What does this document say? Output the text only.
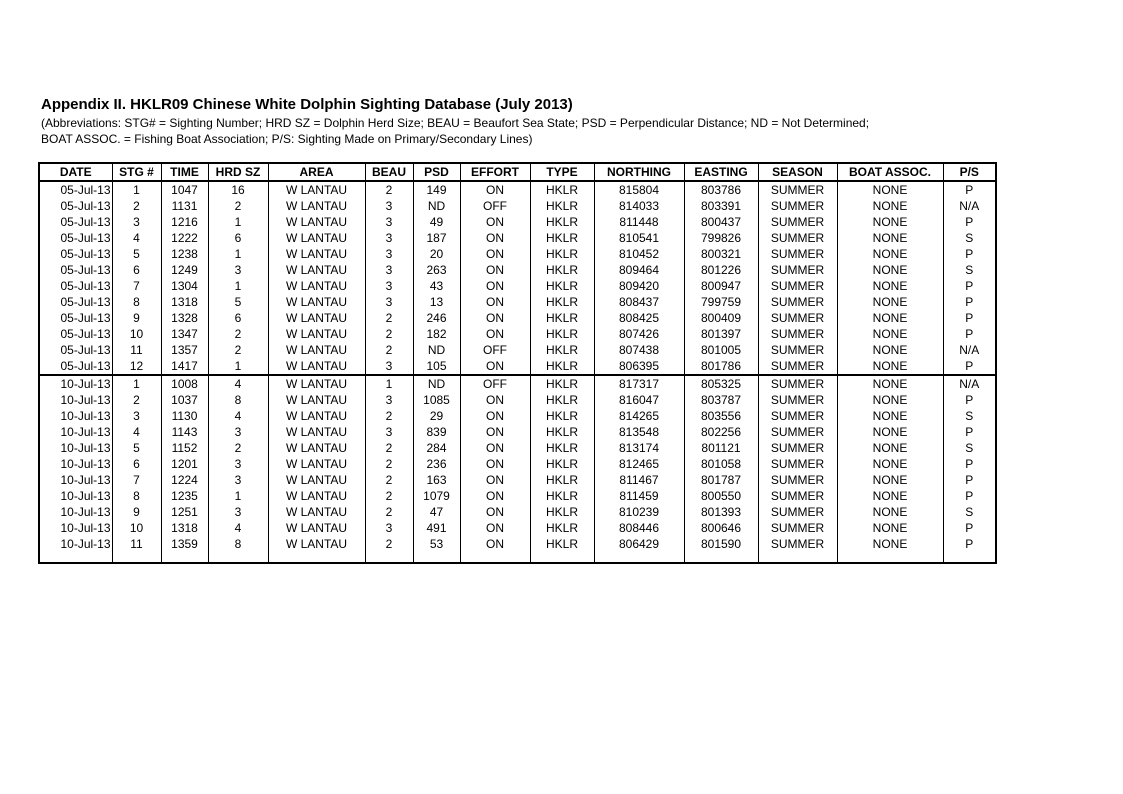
Appendix II. HKLR09 Chinese White Dolphin Sighting Database (July 2013)
(Abbreviations: STG# = Sighting Number; HRD SZ = Dolphin Herd Size; BEAU = Beaufort Sea State; PSD = Perpendicular Distance; ND = Not Determined;
BOAT ASSOC. = Fishing Boat Association; P/S: Sighting Made on Primary/Secondary Lines)
DATE	STG #	TIME	HRD SZ	AREA	BEAU	PSD	EFFORT	TYPE	NORTHING	EASTING	SEASON	BOAT ASSOC.	P/S
05-Jul-13	1	1047	16	W LANTAU	2	149	ON	HKLR	815804	803786	SUMMER	NONE	P
05-Jul-13	2	1131	2	W LANTAU	3	ND	OFF	HKLR	814033	803391	SUMMER	NONE	N/A
05-Jul-13	3	1216	1	W LANTAU	3	49	ON	HKLR	811448	800437	SUMMER	NONE	P
05-Jul-13	4	1222	6	W LANTAU	3	187	ON	HKLR	810541	799826	SUMMER	NONE	S
05-Jul-13	5	1238	1	W LANTAU	3	20	ON	HKLR	810452	800321	SUMMER	NONE	P
05-Jul-13	6	1249	3	W LANTAU	3	263	ON	HKLR	809464	801226	SUMMER	NONE	S
05-Jul-13	7	1304	1	W LANTAU	3	43	ON	HKLR	809420	800947	SUMMER	NONE	P
05-Jul-13	8	1318	5	W LANTAU	3	13	ON	HKLR	808437	799759	SUMMER	NONE	P
05-Jul-13	9	1328	6	W LANTAU	2	246	ON	HKLR	808425	800409	SUMMER	NONE	P
05-Jul-13	10	1347	2	W LANTAU	2	182	ON	HKLR	807426	801397	SUMMER	NONE	P
05-Jul-13	11	1357	2	W LANTAU	2	ND	OFF	HKLR	807438	801005	SUMMER	NONE	N/A
05-Jul-13	12	1417	1	W LANTAU	3	105	ON	HKLR	806395	801786	SUMMER	NONE	P
10-Jul-13	1	1008	4	W LANTAU	1	ND	OFF	HKLR	817317	805325	SUMMER	NONE	N/A
10-Jul-13	2	1037	8	W LANTAU	3	1085	ON	HKLR	816047	803787	SUMMER	NONE	P
10-Jul-13	3	1130	4	W LANTAU	2	29	ON	HKLR	814265	803556	SUMMER	NONE	S
10-Jul-13	4	1143	3	W LANTAU	3	839	ON	HKLR	813548	802256	SUMMER	NONE	P
10-Jul-13	5	1152	2	W LANTAU	2	284	ON	HKLR	813174	801121	SUMMER	NONE	S
10-Jul-13	6	1201	3	W LANTAU	2	236	ON	HKLR	812465	801058	SUMMER	NONE	P
10-Jul-13	7	1224	3	W LANTAU	2	163	ON	HKLR	811467	801787	SUMMER	NONE	P
10-Jul-13	8	1235	1	W LANTAU	2	1079	ON	HKLR	811459	800550	SUMMER	NONE	P
10-Jul-13	9	1251	3	W LANTAU	2	47	ON	HKLR	810239	801393	SUMMER	NONE	S
10-Jul-13	10	1318	4	W LANTAU	3	491	ON	HKLR	808446	800646	SUMMER	NONE	P
10-Jul-13	11	1359	8	W LANTAU	2	53	ON	HKLR	806429	801590	SUMMER	NONE	P
